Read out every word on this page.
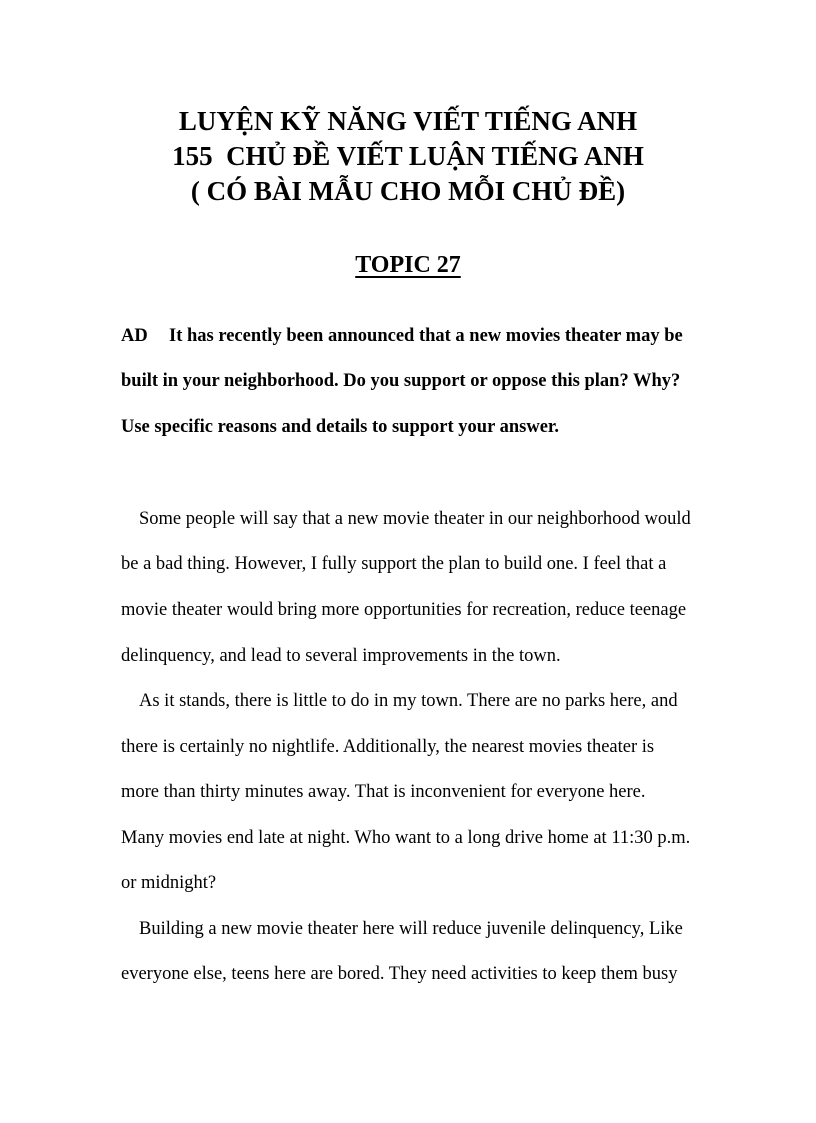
LUYỆN KỸ NĂNG VIẾT TIẾNG ANH
155  CHỦ ĐỀ VIẾT LUẬN TIẾNG ANH
( CÓ BÀI MẪU CHO MỖI CHỦ ĐỀ)
TOPIC 27
AD It has recently been announced that a new movies theater may be
built in your neighborhood. Do you support or oppose this plan? Why?
Use specific reasons and details to support your answer.
Some people will say that a new movie theater in our neighborhood would
be a bad thing. However, I fully support the plan to build one. I feel that a
movie theater would bring more opportunities for recreation, reduce teenage
delinquency, and lead to several improvements in the town.
As it stands, there is little to do in my town. There are no parks here, and
there is certainly no nightlife. Additionally, the nearest movies theater is
more than thirty minutes away. That is inconvenient for everyone here.
Many movies end late at night. Who want to a long drive home at 11:30 p.m.
or midnight?
Building a new movie theater here will reduce juvenile delinquency, Like
everyone else, teens here are bored. They need activities to keep them busy
